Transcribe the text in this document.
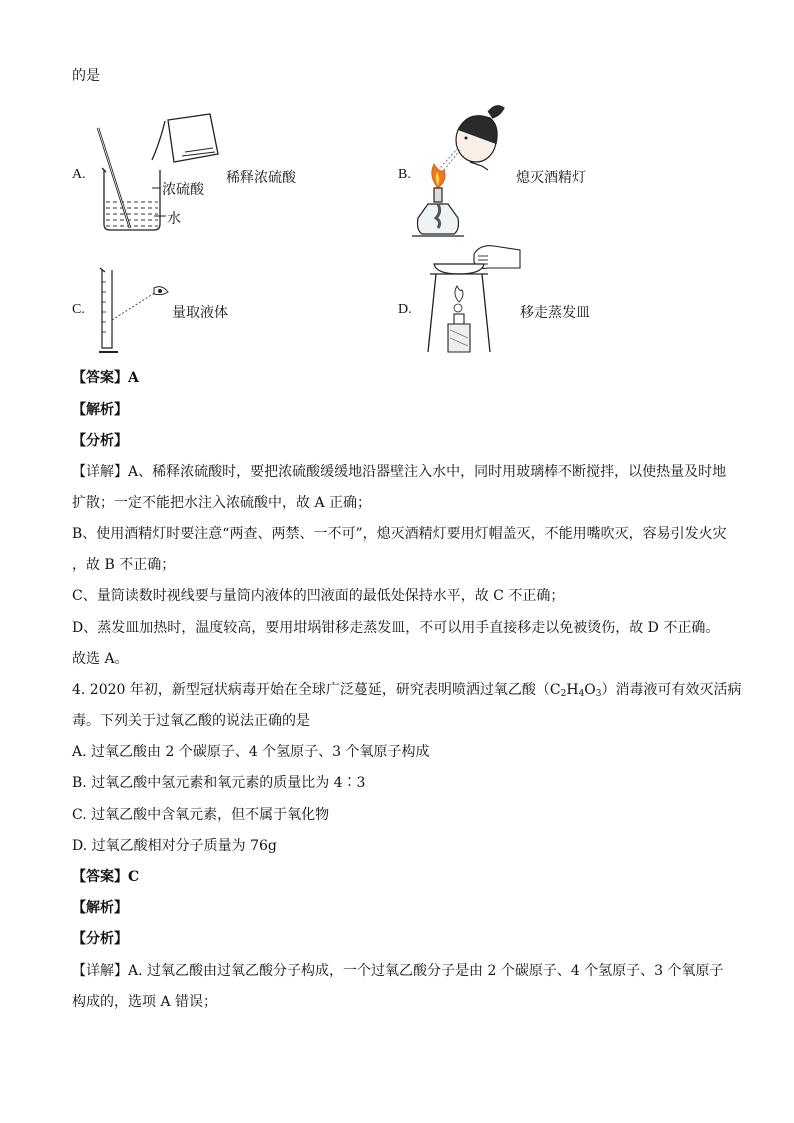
的是
A.
浓硫酸
水
稀释浓硫酸	B.	熄灭酒精灯
C.	量取液体	D.	移走蒸发皿
【答案】A
【解析】
【分析】
【详解】A、稀释浓硫酸时，要把浓硫酸缓缓地沿器壁注入水中，同时用玻璃棒不断搅拌，以使热量及时地
扩散；一定不能把水注入浓硫酸中，故 A 正确；
B、使用酒精灯时要注意“两查、两禁、一不可”，熄灭酒精灯要用灯帽盖灭，不能用嘴吹灭，容易引发火灾
，故 B 不正确；
C、量筒读数时视线要与量筒内液体的凹液面的最低处保持水平，故 C 不正确；
D、蒸发皿加热时，温度较高，要用坩埚钳移走蒸发皿，不可以用手直接移走以免被烫伤，故 D 不正确。
故选 A。
4. 2020 年初，新型冠状病毒开始在全球广泛蔓延，研究表明喷洒过氧乙酸$(C_2H_4O_3)$消毒液可有效灭活病
毒。下列关于过氧乙酸的说法正确的是
A. 过氧乙酸由 2 个碳原子、4 个氢原子、3 个氧原子构成
B. 过氧乙酸中氢元素和氧元素的质量比为 4∶3
C. 过氧乙酸中含氧元素，但不属于氧化物
D. 过氧乙酸相对分子质量为 76g
【答案】C
【解析】
【分析】
【详解】A. 过氧乙酸由过氧乙酸分子构成，一个过氧乙酸分子是由 2 个碳原子、4 个氢原子、3 个氧原子
构成的，选项 A 错误；
